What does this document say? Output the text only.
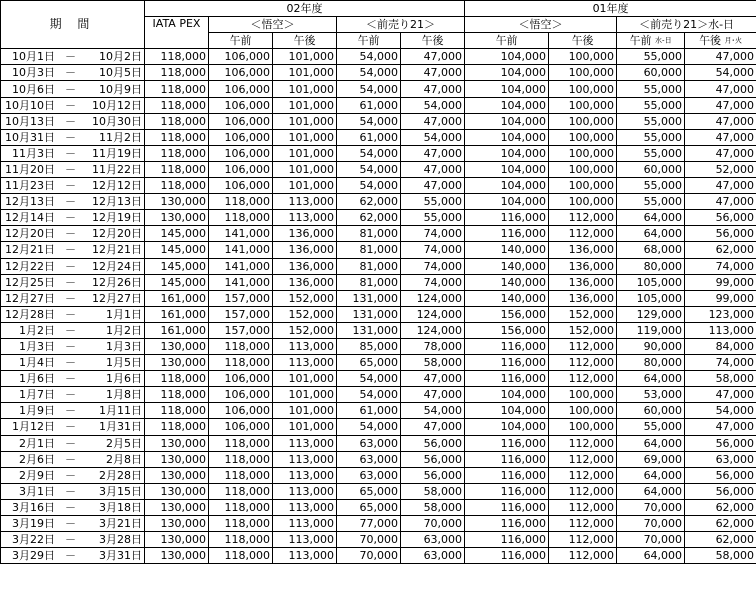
期 間	02年度					01年度			
	IATA PEX	＜悟空＞		＜前売り21＞		＜悟空＞		＜前売り21＞水-日	
		午前	午後	午前	午後	午前	午後	午前 水-日	午後 月･火

10月1日 － 10月2日	118,000	106,000	101,000	54,000	47,000	104,000	100,000	55,000	47,000

10月3日 － 10月5日	118,000	106,000	101,000	54,000	47,000	104,000	100,000	60,000	54,000

10月6日 － 10月9日	118,000	106,000	101,000	54,000	47,000	104,000	100,000	55,000	47,000

10月10日 － 10月12日	118,000	106,000	101,000	61,000	54,000	104,000	100,000	55,000	47,000

10月13日 － 10月30日	118,000	106,000	101,000	54,000	47,000	104,000	100,000	55,000	47,000

10月31日 － 11月2日	118,000	106,000	101,000	61,000	54,000	104,000	100,000	55,000	47,000

11月3日 － 11月19日	118,000	106,000	101,000	54,000	47,000	104,000	100,000	55,000	47,000

11月20日 － 11月22日	118,000	106,000	101,000	54,000	47,000	104,000	100,000	60,000	52,000

11月23日 － 12月12日	118,000	106,000	101,000	54,000	47,000	104,000	100,000	55,000	47,000

12月13日 － 12月13日	130,000	118,000	113,000	62,000	55,000	104,000	100,000	55,000	47,000

12月14日 － 12月19日	130,000	118,000	113,000	62,000	55,000	116,000	112,000	64,000	56,000

12月20日 － 12月20日	145,000	141,000	136,000	81,000	74,000	116,000	112,000	64,000	56,000

12月21日 － 12月21日	145,000	141,000	136,000	81,000	74,000	140,000	136,000	68,000	62,000

12月22日 － 12月24日	145,000	141,000	136,000	81,000	74,000	140,000	136,000	80,000	74,000

12月25日 － 12月26日	145,000	141,000	136,000	81,000	74,000	140,000	136,000	105,000	99,000

12月27日 － 12月27日	161,000	157,000	152,000	131,000	124,000	140,000	136,000	105,000	99,000

12月28日 － 1月1日	161,000	157,000	152,000	131,000	124,000	156,000	152,000	129,000	123,000

1月2日 － 1月2日	161,000	157,000	152,000	131,000	124,000	156,000	152,000	119,000	113,000

1月3日 － 1月3日	130,000	118,000	113,000	85,000	78,000	116,000	112,000	90,000	84,000

1月4日 － 1月5日	130,000	118,000	113,000	65,000	58,000	116,000	112,000	80,000	74,000

1月6日 － 1月6日	118,000	106,000	101,000	54,000	47,000	116,000	112,000	64,000	58,000

1月7日 － 1月8日	118,000	106,000	101,000	54,000	47,000	104,000	100,000	53,000	47,000

1月9日 － 1月11日	118,000	106,000	101,000	61,000	54,000	104,000	100,000	60,000	54,000

1月12日 － 1月31日	118,000	106,000	101,000	54,000	47,000	104,000	100,000	55,000	47,000

2月1日 － 2月5日	130,000	118,000	113,000	63,000	56,000	116,000	112,000	64,000	56,000

2月6日 － 2月8日	130,000	118,000	113,000	63,000	56,000	116,000	112,000	69,000	63,000

2月9日 － 2月28日	130,000	118,000	113,000	63,000	56,000	116,000	112,000	64,000	56,000

3月1日 － 3月15日	130,000	118,000	113,000	65,000	58,000	116,000	112,000	64,000	56,000

3月16日 － 3月18日	130,000	118,000	113,000	65,000	58,000	116,000	112,000	70,000	62,000

3月19日 － 3月21日	130,000	118,000	113,000	77,000	70,000	116,000	112,000	70,000	62,000

3月22日 － 3月28日	130,000	118,000	113,000	70,000	63,000	116,000	112,000	70,000	62,000

3月29日 － 3月31日	130,000	118,000	113,000	70,000	63,000	116,000	112,000	64,000	58,000
